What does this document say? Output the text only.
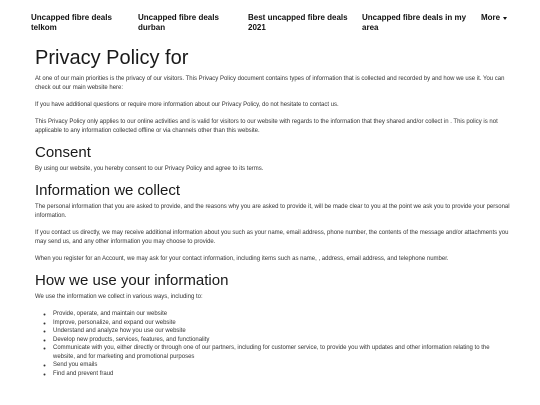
Uncapped fibre deals telkom
Uncapped fibre deals durban
Best uncapped fibre deals 2021
Uncapped fibre deals in my area
More
Privacy Policy for

At one of our main priorities is the privacy of our visitors. This Privacy Policy document contains types of information that is collected and recorded by and how we use it. You can check out our main website here:

If you have additional questions or require more information about our Privacy Policy, do not hesitate to contact us.

This Privacy Policy only applies to our online activities and is valid for visitors to our website with regards to the information that they shared and/or collect in . This policy is not applicable to any information collected offline or via channels other than this website.

Consent

By using our website, you hereby consent to our Privacy Policy and agree to its terms.

Information we collect

The personal information that you are asked to provide, and the reasons why you are asked to provide it, will be made clear to you at the point we ask you to provide your personal information.

If you contact us directly, we may receive additional information about you such as your name, email address, phone number, the contents of the message and/or attachments you may send us, and any other information you may choose to provide.

When you register for an Account, we may ask for your contact information, including items such as name, , address, email address, and telephone number.

How we use your information

We use the information we collect in various ways, including to:

◦ Provide, operate, and maintain our website
◦ Improve, personalize, and expand our website
◦ Understand and analyze how you use our website
◦ Develop new products, services, features, and functionality
◦ Communicate with you, either directly or through one of our partners, including for customer service, to provide you with updates and other information relating to the website, and for marketing and promotional purposes
◦ Send you emails
◦ Find and prevent fraud
